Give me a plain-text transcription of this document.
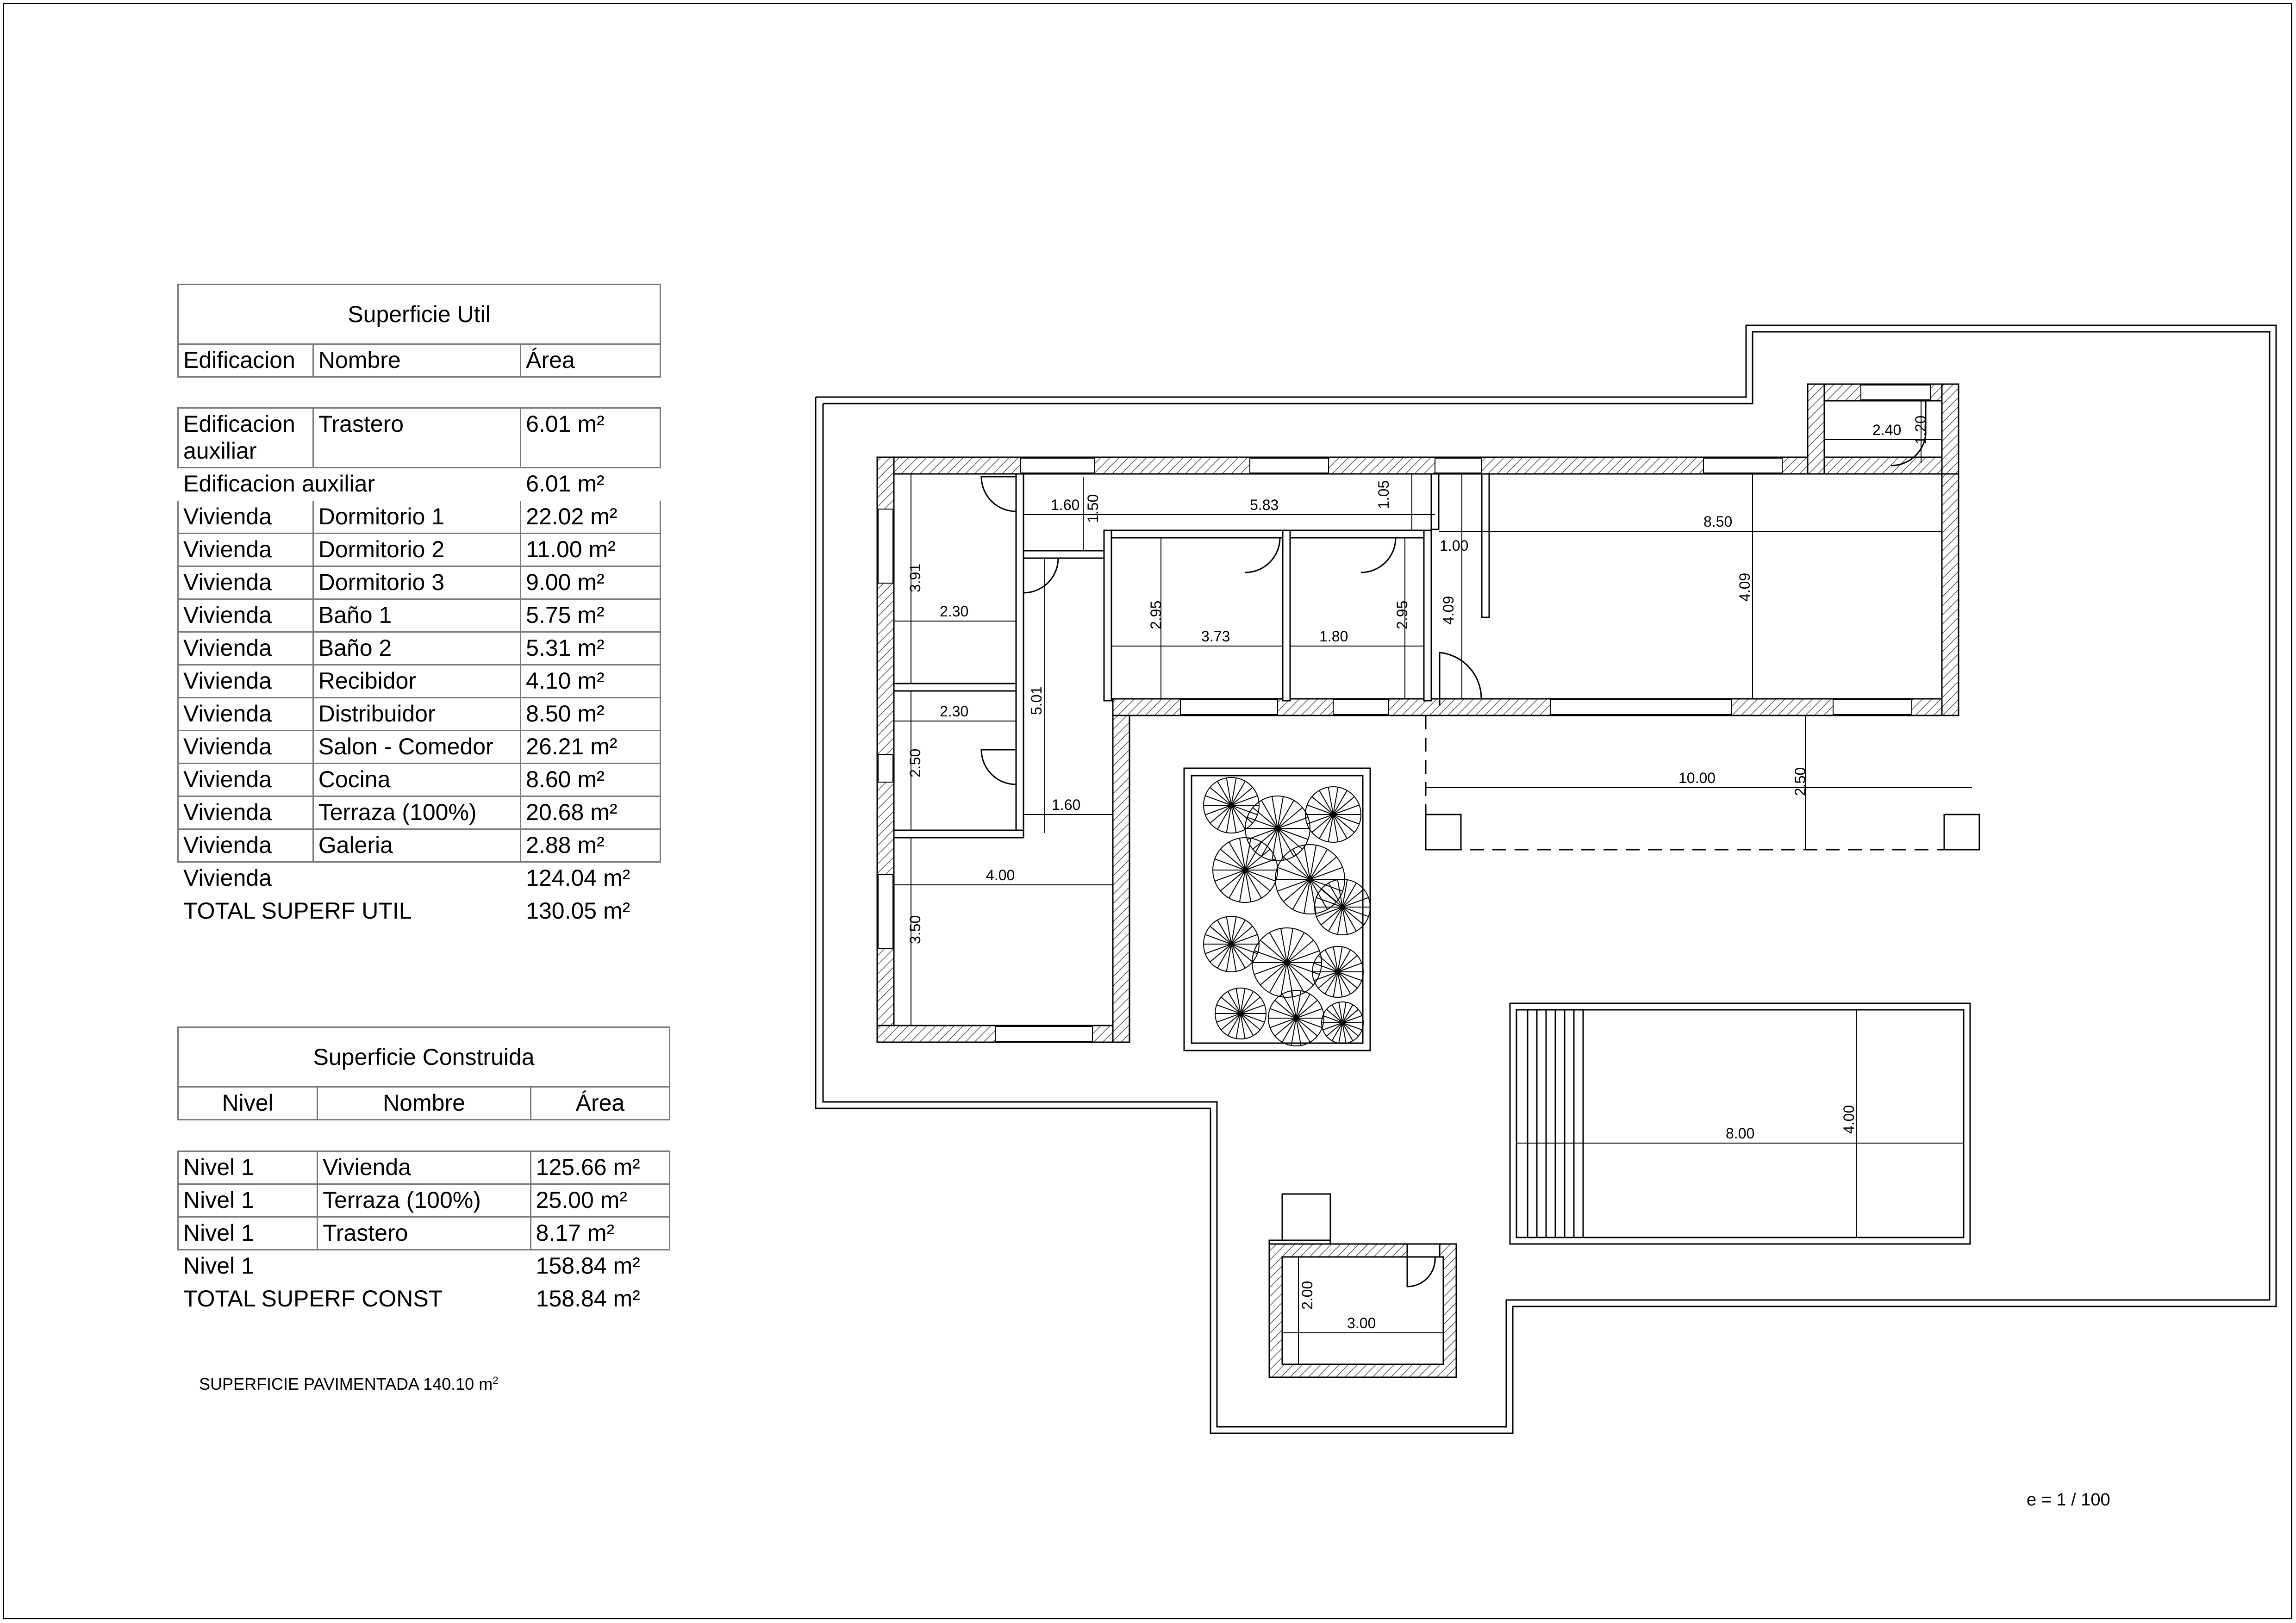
Superficie Util
Edificacion	Nombre	Área
Edificacion auxiliar	Trastero	6.01 m²
Edificacion auxiliar		6.01 m²
Vivienda	Dormitorio 1	22.02 m²
Vivienda	Dormitorio 2	11.00 m²
Vivienda	Dormitorio 3	9.00 m²
Vivienda	Baño 1	5.75 m²
Vivienda	Baño 2	5.31 m²
Vivienda	Recibidor	4.10 m²
Vivienda	Distribuidor	8.50 m²
Vivienda	Salon - Comedor	26.21 m²
Vivienda	Cocina	8.60 m²
Vivienda	Terraza (100%)	20.68 m²
Vivienda	Galeria	2.88 m²
Vivienda		124.04 m²
TOTAL SUPERF UTIL		130.05 m²
Superficie Construida
Nivel	Nombre	Área
Nivel 1	Vivienda	125.66 m²
Nivel 1	Terraza (100%)	25.00 m²
Nivel 1	Trastero	8.17 m²
Nivel 1		158.84 m²
TOTAL SUPERF CONST		158.84 m²
SUPERFICIE PAVIMENTADA 140.10 $m^2$
e = 1 / 100
1.60 1.50	5.83	1.05
1.00
4.09
8.50
4.09
2.40 1.20
3.91
2.30	2.95
3.73	1.80
2.95
5.01
2.30
2.50
1.60
10.00	2.50
4.00
3.50
8.00	4.00
2.00
3.00
